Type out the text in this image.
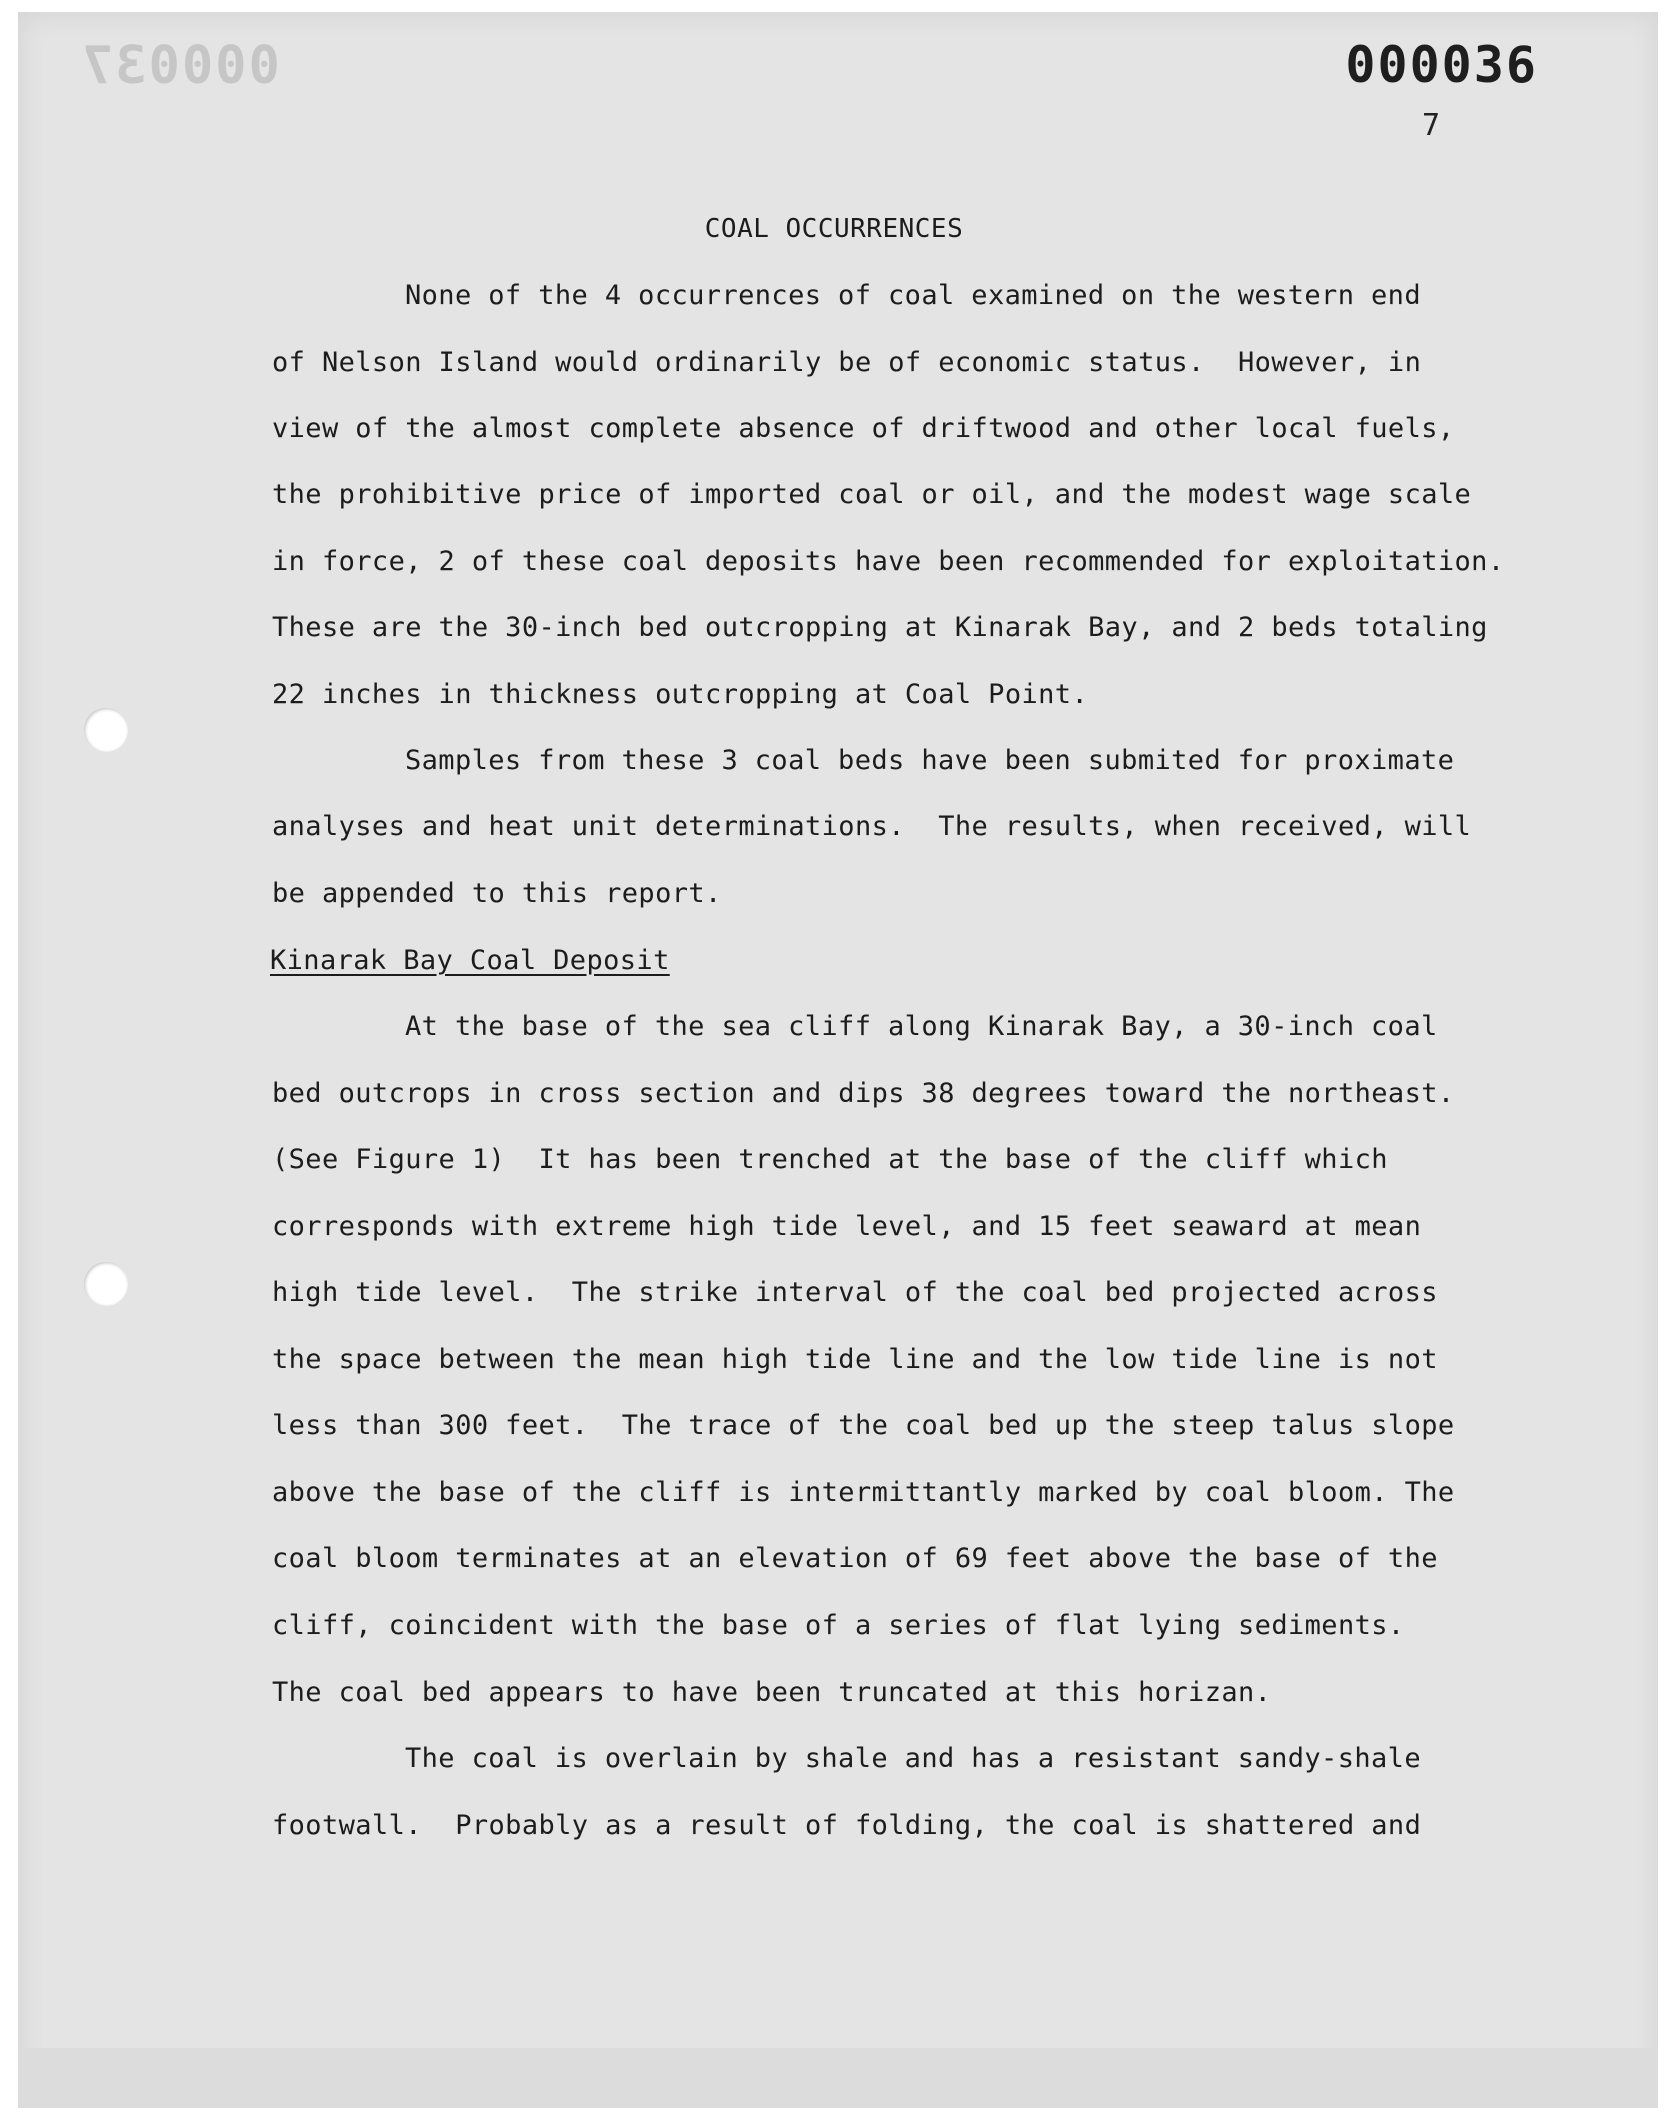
000037	000036
7
COAL OCCURRENCES
None of the 4 occurrences of coal examined on the western end
of Nelson Island would ordinarily be of economic status.  However, in
view of the almost complete absence of driftwood and other local fuels,
the prohibitive price of imported coal or oil, and the modest wage scale
in force, 2 of these coal deposits have been recommended for exploitation.
These are the 30-inch bed outcropping at Kinarak Bay, and 2 beds totaling
22 inches in thickness outcropping at Coal Point.
Samples from these 3 coal beds have been submited for proximate
analyses and heat unit determinations.  The results, when received, will
be appended to this report.
Kinarak Bay Coal Deposit
At the base of the sea cliff along Kinarak Bay, a 30-inch coal
bed outcrops in cross section and dips 38 degrees toward the northeast.
(See Figure 1)  It has been trenched at the base of the cliff which
corresponds with extreme high tide level, and 15 feet seaward at mean
high tide level.  The strike interval of the coal bed projected across
the space between the mean high tide line and the low tide line is not
less than 300 feet.  The trace of the coal bed up the steep talus slope
above the base of the cliff is intermittantly marked by coal bloom. The
coal bloom terminates at an elevation of 69 feet above the base of the
cliff, coincident with the base of a series of flat lying sediments.
The coal bed appears to have been truncated at this horizan.
The coal is overlain by shale and has a resistant sandy-shale
footwall.  Probably as a result of folding, the coal is shattered and
